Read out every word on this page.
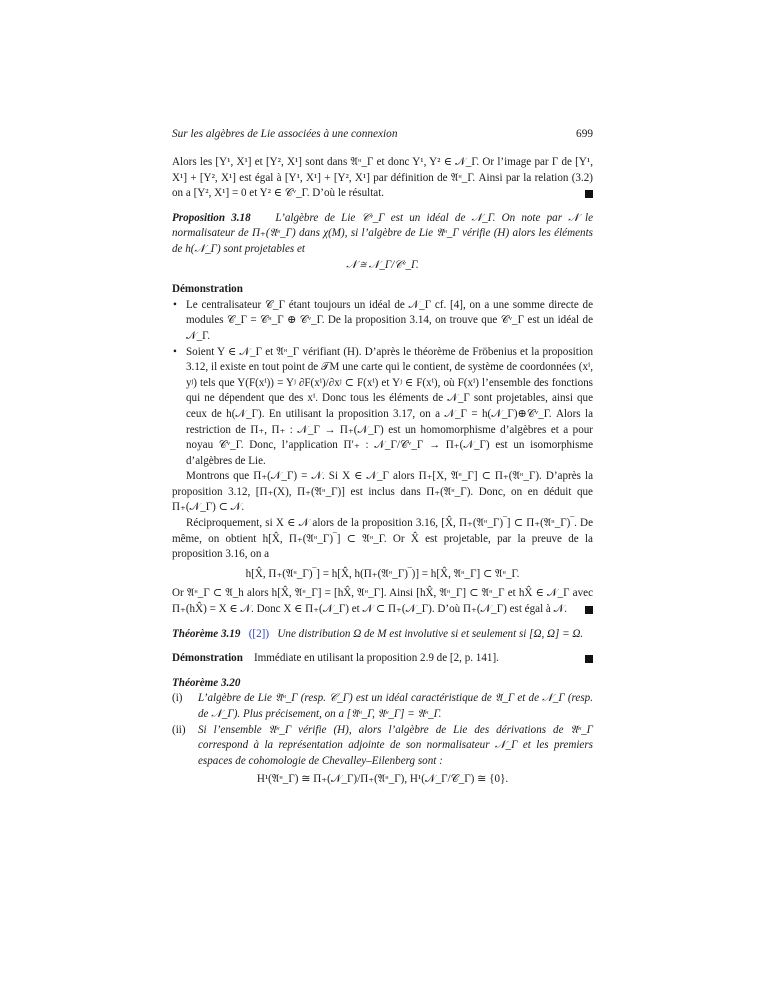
Sur les algèbres de Lie associées à une connexion	699

Alors les [Y¹, X¹] et [Y², X¹] sont dans 𝔄ᵸ_Γ et donc Y¹, Y² ∈ 𝒩_Γ. Or l’image par Γ de [Y¹, X¹] + [Y², X¹] est égal à [Y¹, X¹] + [Y², X¹] par définition de 𝔄ᵸ_Γ. Ainsi par la relation (3.2) on a [Y², X¹] = 0 et Y² ∈ 𝒞ᵛ_Γ. D’où le résultat.

Proposition 3.18 L’algèbre de Lie 𝒞ᵛ_Γ est un idéal de 𝒩_Γ. On note par 𝒩 le normalisateur de Π₊(𝔄ᵸ_Γ) dans χ(M), si l’algèbre de Lie 𝔄ᵸ_Γ vérifie (H) alors les éléments de h(𝒩_Γ) sont projetables et

𝒩 ≅ 𝒩_Γ/𝒞ᵛ_Γ.

Démonstration

• Le centralisateur 𝒞_Γ étant toujours un idéal de 𝒩_Γ cf. [4], on a une somme directe de modules 𝒞_Γ = 𝒞ᵸ_Γ ⊕ 𝒞ᵛ_Γ. De la proposition 3.14, on trouve que 𝒞ᵛ_Γ est un idéal de 𝒩_Γ.
• Soient Y ∈ 𝒩_Γ et 𝔄ᵸ_Γ vérifiant (H). D’après le théorème de Fröbenius et la proposition 3.12, il existe en tout point de 𝒯M une carte qui le contient, de système de coordonnées (xⁱ, yʲ) tels que Y(F(xⁱ)) = Yʲ ∂F(xⁱ)/∂xʲ ⊂ F(xⁱ) et Yʲ ∈ F(xⁱ), où F(xⁱ) l’ensemble des fonctions qui ne dépendent que des xⁱ. Donc tous les éléments de 𝒩_Γ sont projetables, ainsi que ceux de h(𝒩_Γ). En utilisant la proposition 3.17, on a 𝒩_Γ = h(𝒩_Γ)⊕𝒞ᵛ_Γ. Alors la restriction de Π₊, Π₊ : 𝒩_Γ → Π₊(𝒩_Γ) est un homomorphisme d’algèbres et a pour noyau 𝒞ᵛ_Γ. Donc, l’application Π′₊ : 𝒩_Γ/𝒞ᵛ_Γ → Π₊(𝒩_Γ) est un isomorphisme d’algèbres de Lie.

Montrons que Π₊(𝒩_Γ) = 𝒩. Si X ∈ 𝒩_Γ alors Π₊[X, 𝔄ᵸ_Γ] ⊂ Π₊(𝔄ᵸ_Γ). D’après la proposition 3.12, [Π₊(X), Π₊(𝔄ᵸ_Γ)] est inclus dans Π₊(𝔄ᵸ_Γ). Donc, on en déduit que Π₊(𝒩_Γ) ⊂ 𝒩.

Réciproquement, si X ∈ 𝒩 alors de la proposition 3.16, [X̂, Π₊(𝔄ᵸ_Γ)‾] ⊂ Π₊(𝔄ᵸ_Γ)‾. De même, on obtient h[X̂, Π₊(𝔄ᵸ_Γ)‾] ⊂ 𝔄ᵸ_Γ. Or X̂ est projetable, par la preuve de la proposition 3.16, on a

h[X̂, Π₊(𝔄ᵸ_Γ)‾] = h[X̂, h(Π₊(𝔄ᵸ_Γ)‾)] = h[X̂, 𝔄ᵸ_Γ] ⊂ 𝔄ᵸ_Γ.

Or 𝔄ᵸ_Γ ⊂ 𝔄_h alors h[X̂, 𝔄ᵸ_Γ] = [hX̂, 𝔄ᵸ_Γ]. Ainsi [hX̂, 𝔄ᵸ_Γ] ⊂ 𝔄ᵸ_Γ et hX̂ ∈ 𝒩_Γ avec Π₊(hX̂) = X ∈ 𝒩. Donc X ∈ Π₊(𝒩_Γ) et 𝒩 ⊂ Π₊(𝒩_Γ). D’où Π₊(𝒩_Γ) est égal à 𝒩.

Théorème 3.19 ([2]) Une distribution Ω de M est involutive si et seulement si [Ω, Ω] = Ω.

Démonstration Immédiate en utilisant la proposition 2.9 de [2, p. 141].

Théorème 3.20

(i) L’algèbre de Lie 𝔄ᵸ_Γ (resp. 𝒞_Γ) est un idéal caractéristique de 𝔄_Γ et de 𝒩_Γ (resp. de 𝒩_Γ). Plus précisement, on a [𝔄ᵸ_Γ, 𝔄ᵸ_Γ] = 𝔄ᵸ_Γ.
(ii) Si l’ensemble 𝔄ᵸ_Γ vérifie (H), alors l’algèbre de Lie des dérivations de 𝔄ᵸ_Γ correspond à la représentation adjointe de son normalisateur 𝒩_Γ et les premiers espaces de cohomologie de Chevalley–Eilenberg sont :

H¹(𝔄ᵸ_Γ) ≅ Π₊(𝒩_Γ)/Π₊(𝔄ᵸ_Γ), H¹(𝒩_Γ/𝒞_Γ) ≅ {0}.
